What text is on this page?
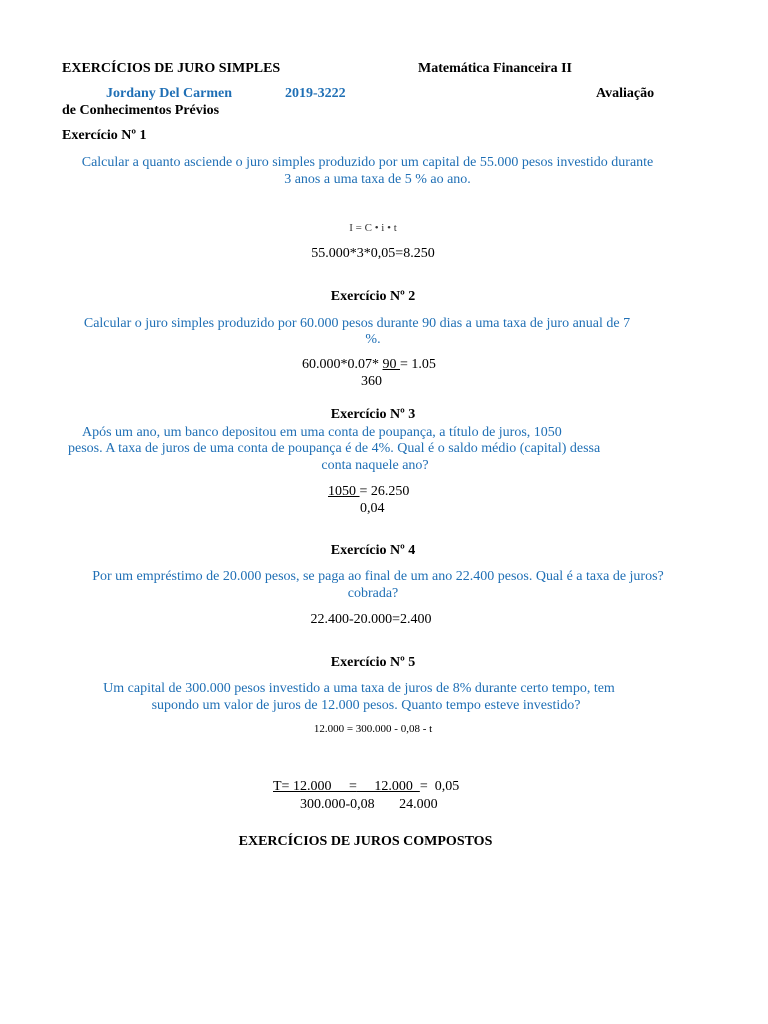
EXERCÍCIOS DE JURO SIMPLES	Matemática Financeira II
Jordany Del Carmen	2019-3222	Avaliação
de Conhecimentos Prévios
Exercício Nº 1
Calcular a quanto asciende o juro simples produzido por um capital de 55.000 pesos investido durante
3 anos a uma taxa de 5 % ao ano.
I = C • i • t
55.000*3*0,05=8.250
Exercício Nº 2
Calcular o juro simples produzido por 60.000 pesos durante 90 dias a uma taxa de juro anual de 7
%.
60.000*0.07* 90 = 1.05
360
Exercício Nº 3
Após um ano, um banco depositou em uma conta de poupança, a título de juros, 1050
pesos. A taxa de juros de uma conta de poupança é de 4%. Qual é o saldo médio (capital) dessa
conta naquele ano?
1050 = 26.250
0,04
Exercício Nº 4
Por um empréstimo de 20.000 pesos, se paga ao final de um ano 22.400 pesos. Qual é a taxa de juros?
cobrada?
22.400-20.000=2.400
Exercício Nº 5
Um capital de 300.000 pesos investido a uma taxa de juros de 8% durante certo tempo, tem
supondo um valor de juros de 12.000 pesos. Quanto tempo esteve investido?
12.000 = 300.000 - 0,08 - t
T= 12.000     =     12.000  =  0,05
300.000-0,08       24.000
EXERCÍCIOS DE JUROS COMPOSTOS
